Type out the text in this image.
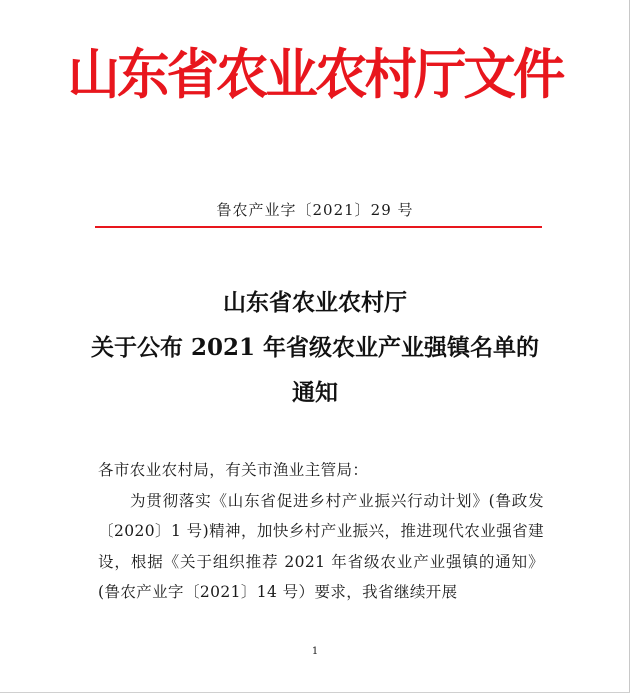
山东省农业农村厅文件
鲁农产业字〔2021〕29 号
山东省农业农村厅
关于公布 2021 年省级农业产业强镇名单的
通知
各市农业农村局，有关市渔业主管局：
为贯彻落实《山东省促进乡村产业振兴行动计划》(鲁政发〔2020〕1 号)精神，加快乡村产业振兴，推进现代农业强省建设，根据《关于组织推荐 2021 年省级农业产业强镇的通知》(鲁农产业字〔2021〕14 号）要求，我省继续开展
1
